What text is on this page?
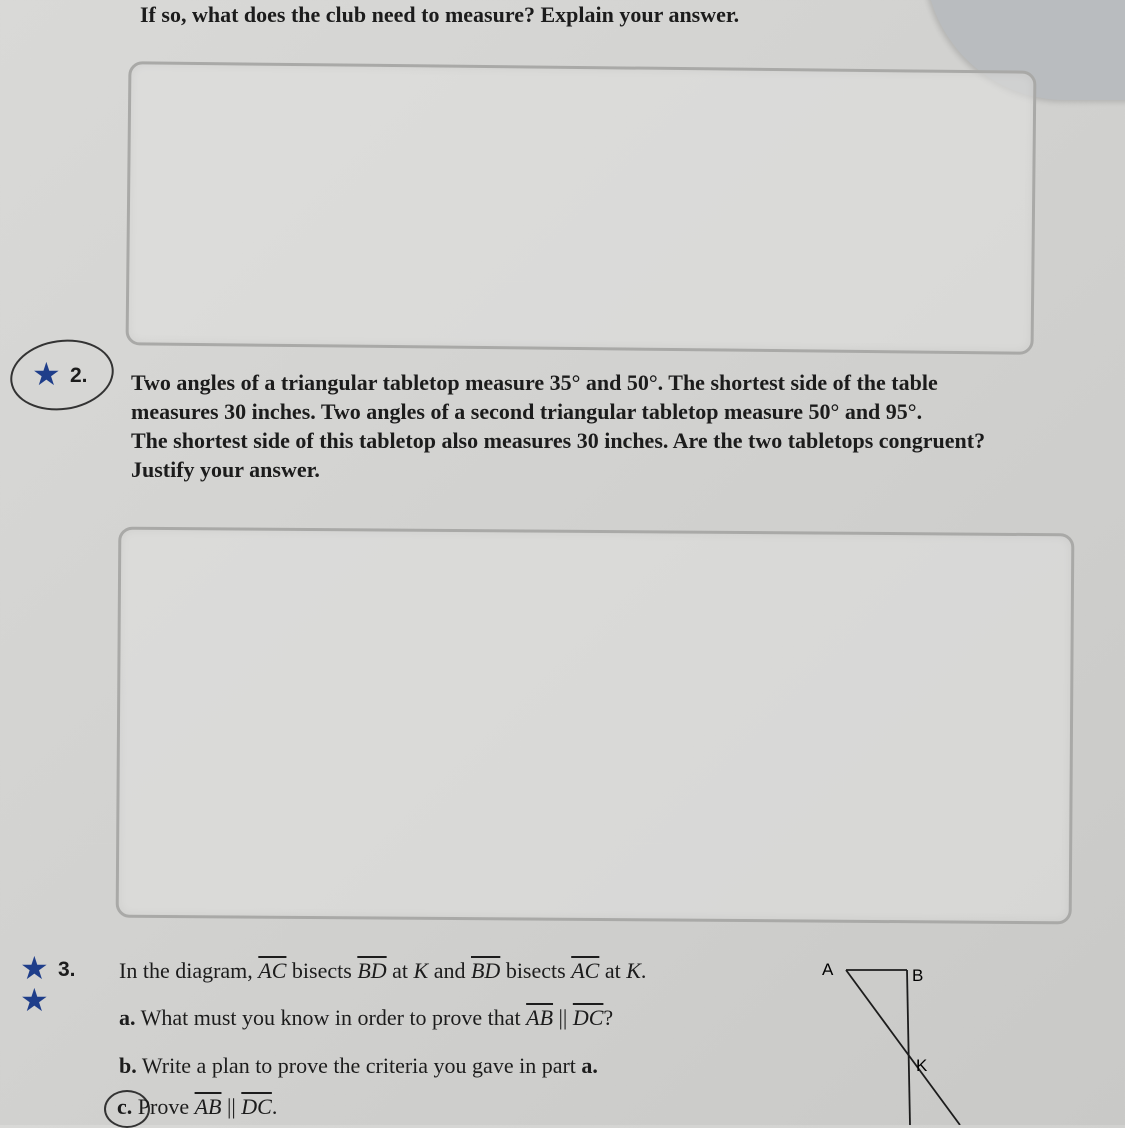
If so, what does the club need to measure? Explain your answer.
★ 2. Two angles of a triangular tabletop measure 35° and 50°. The shortest side of the table
measures 30 inches. Two angles of a second triangular tabletop measure 50° and 95°.
The shortest side of this tabletop also measures 30 inches. Are the two tabletops congruent?
Justify your answer.
★
★
3. In the diagram, $\overline{AC}$ bisects $\overline{BD}$ at K and $\overline{BD}$ bisects $\overline{AC}$ at K.
a. What must you know in order to prove that $\overline{AB}$ || $\overline{DC}$?
b. Write a plan to prove the criteria you gave in part a.
c. Prove $\overline{AB}$ || $\overline{DC}$.
A	B
K
